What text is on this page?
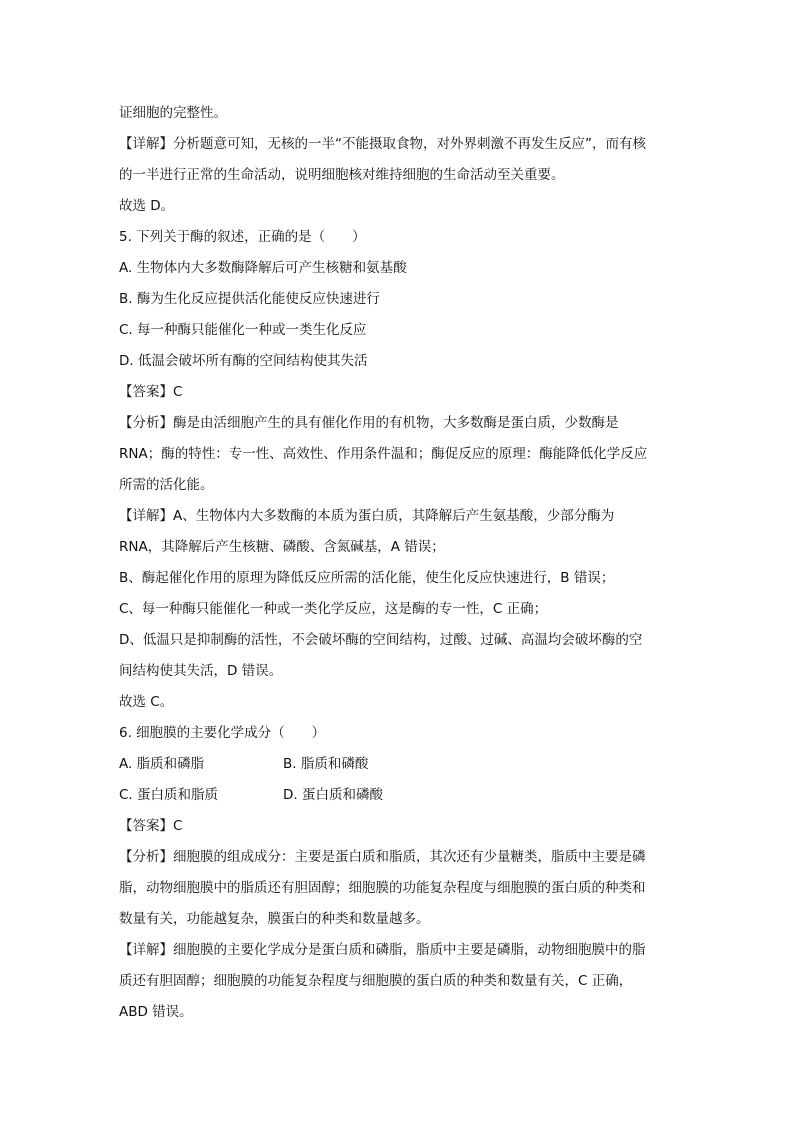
证细胞的完整性。
【详解】分析题意可知，无核的一半“不能摄取食物，对外界刺激不再发生反应”，而有核
的一半进行正常的生命活动，说明细胞核对维持细胞的生命活动至关重要。
故选 D。
5. 下列关于酶的叙述，正确的是（　　）
A. 生物体内大多数酶降解后可产生核糖和氨基酸
B. 酶为生化反应提供活化能使反应快速进行
C. 每一种酶只能催化一种或一类生化反应
D. 低温会破坏所有酶的空间结构使其失活
【答案】C
【分析】酶是由活细胞产生的具有催化作用的有机物，大多数酶是蛋白质，少数酶是
RNA；酶的特性：专一性、高效性、作用条件温和；酶促反应的原理：酶能降低化学反应
所需的活化能。
【详解】A、生物体内大多数酶的本质为蛋白质，其降解后产生氨基酸，少部分酶为
RNA，其降解后产生核糖、磷酸、含氮碱基，A 错误；
B、酶起催化作用的原理为降低反应所需的活化能，使生化反应快速进行，B 错误；
C、每一种酶只能催化一种或一类化学反应，这是酶的专一性，C 正确；
D、低温只是抑制酶的活性，不会破坏酶的空间结构，过酸、过碱、高温均会破坏酶的空
间结构使其失活，D 错误。
故选 C。
6. 细胞膜的主要化学成分（　　）
A. 脂质和磷脂	B. 脂质和磷酸
C. 蛋白质和脂质	D. 蛋白质和磷酸
【答案】C
【分析】细胞膜的组成成分：主要是蛋白质和脂质，其次还有少量糖类，脂质中主要是磷
脂，动物细胞膜中的脂质还有胆固醇；细胞膜的功能复杂程度与细胞膜的蛋白质的种类和
数量有关，功能越复杂，膜蛋白的种类和数量越多。
【详解】细胞膜的主要化学成分是蛋白质和磷脂，脂质中主要是磷脂，动物细胞膜中的脂
质还有胆固醇；细胞膜的功能复杂程度与细胞膜的蛋白质的种类和数量有关，C 正确，
ABD 错误。
